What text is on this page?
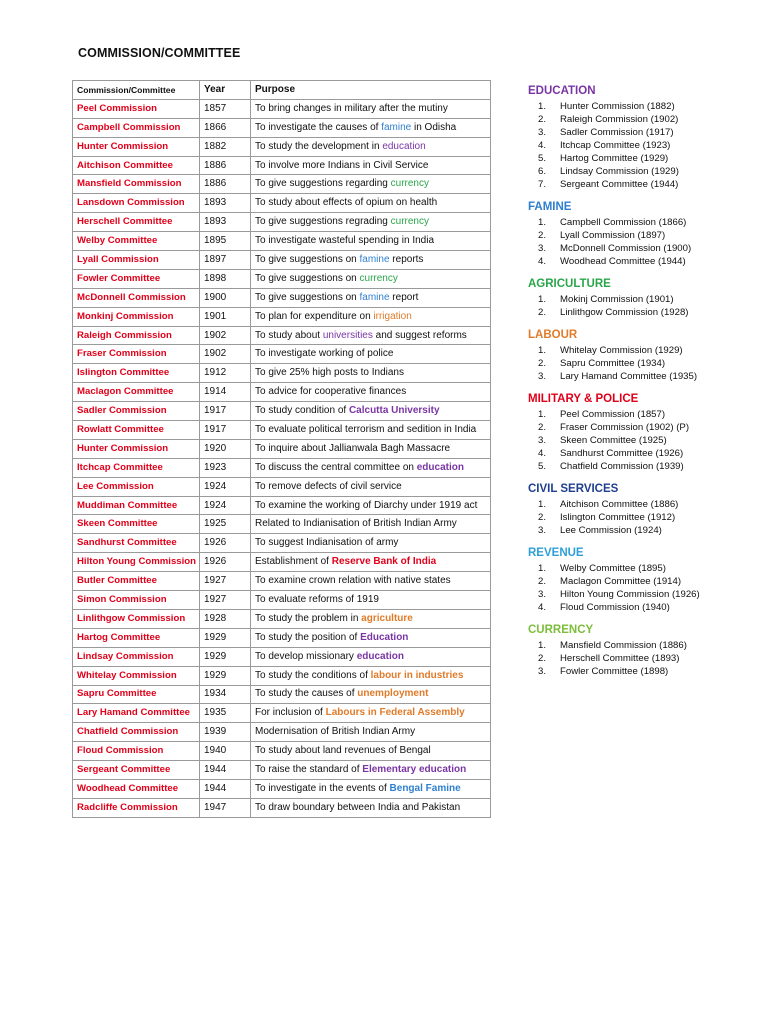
COMMISSION/COMMITTEE
Commission/Committee	Year	Purpose
Peel Commission	1857	To bring changes in military after the mutiny
Campbell Commission	1866	To investigate the causes of famine in Odisha
Hunter Commission	1882	To study the development in education
Aitchison Committee	1886	To involve more Indians in Civil Service
Mansfield Commission	1886	To give suggestions regarding currency
Lansdown Commission	1893	To study about effects of opium on health
Herschell Committee	1893	To give suggestions regrading currency
Welby Committee	1895	To investigate wasteful spending in India
Lyall Commission	1897	To give suggestions on famine reports
Fowler Committee	1898	To give suggestions on currency
McDonnell Commission	1900	To give suggestions on famine report
Monkinj Commission	1901	To plan for expenditure on irrigation
Raleigh Commission	1902	To study about universities and suggest reforms
Fraser Commission	1902	To investigate working of police
Islington Committee	1912	To give 25% high posts to Indians
Maclagon Committee	1914	To advice for cooperative finances
Sadler Commission	1917	To study condition of Calcutta University
Rowlatt Committee	1917	To evaluate political terrorism and sedition in India
Hunter Commission	1920	To inquire about Jallianwala Bagh Massacre
Itchcap Committee	1923	To discuss the central committee on education
Lee Commission	1924	To remove defects of civil service
Muddiman Committee	1924	To examine the working of Diarchy under 1919 act
Skeen Committee	1925	Related to Indianisation of British Indian Army
Sandhurst Committee	1926	To suggest Indianisation of army
Hilton Young Commission	1926	Establishment of Reserve Bank of India
Butler Committee	1927	To examine crown relation with native states
Simon Commission	1927	To evaluate reforms of 1919
Linlithgow Commission	1928	To study the problem in agriculture
Hartog Committee	1929	To study the position of Education
Lindsay Commission	1929	To develop missionary education
Whitelay Commission	1929	To study the conditions of labour in industries
Sapru Committee	1934	To study the causes of unemployment
Lary Hamand Committee	1935	For inclusion of Labours in Federal Assembly
Chatfield Commission	1939	Modernisation of British Indian Army
Floud Commission	1940	To study about land revenues of Bengal
Sergeant Committee	1944	To raise the standard of Elementary education
Woodhead Committee	1944	To investigate in the events of Bengal Famine
Radcliffe Commission	1947	To draw boundary between India and Pakistan
EDUCATION
1. Hunter Commission (1882)
2. Raleigh Commission (1902)
3. Sadler Commission (1917)
4. Itchcap Committee (1923)
5. Hartog Committee (1929)
6. Lindsay Commission (1929)
7. Sergeant Committee (1944)
FAMINE
1. Campbell Commission (1866)
2. Lyall Commission (1897)
3. McDonnell Commission (1900)
4. Woodhead Committee (1944)
AGRICULTURE
1. Mokinj Commission (1901)
2. Linlithgow Commission (1928)
LABOUR
1. Whitelay Commission (1929)
2. Sapru Committee (1934)
3. Lary Hamand Committee (1935)
MILITARY & POLICE
1. Peel Commission (1857)
2. Fraser Commission (1902) (P)
3. Skeen Committee (1925)
4. Sandhurst Committee (1926)
5. Chatfield Commission (1939)
CIVIL SERVICES
1. Aitchison Committee (1886)
2. Islington Committee (1912)
3. Lee Commission (1924)
REVENUE
1. Welby Committee (1895)
2. Maclagon Committee (1914)
3. Hilton Young Commission (1926)
4. Floud Commission (1940)
CURRENCY
1. Mansfield Commission (1886)
2. Herschell Committee (1893)
3. Fowler Committee (1898)
